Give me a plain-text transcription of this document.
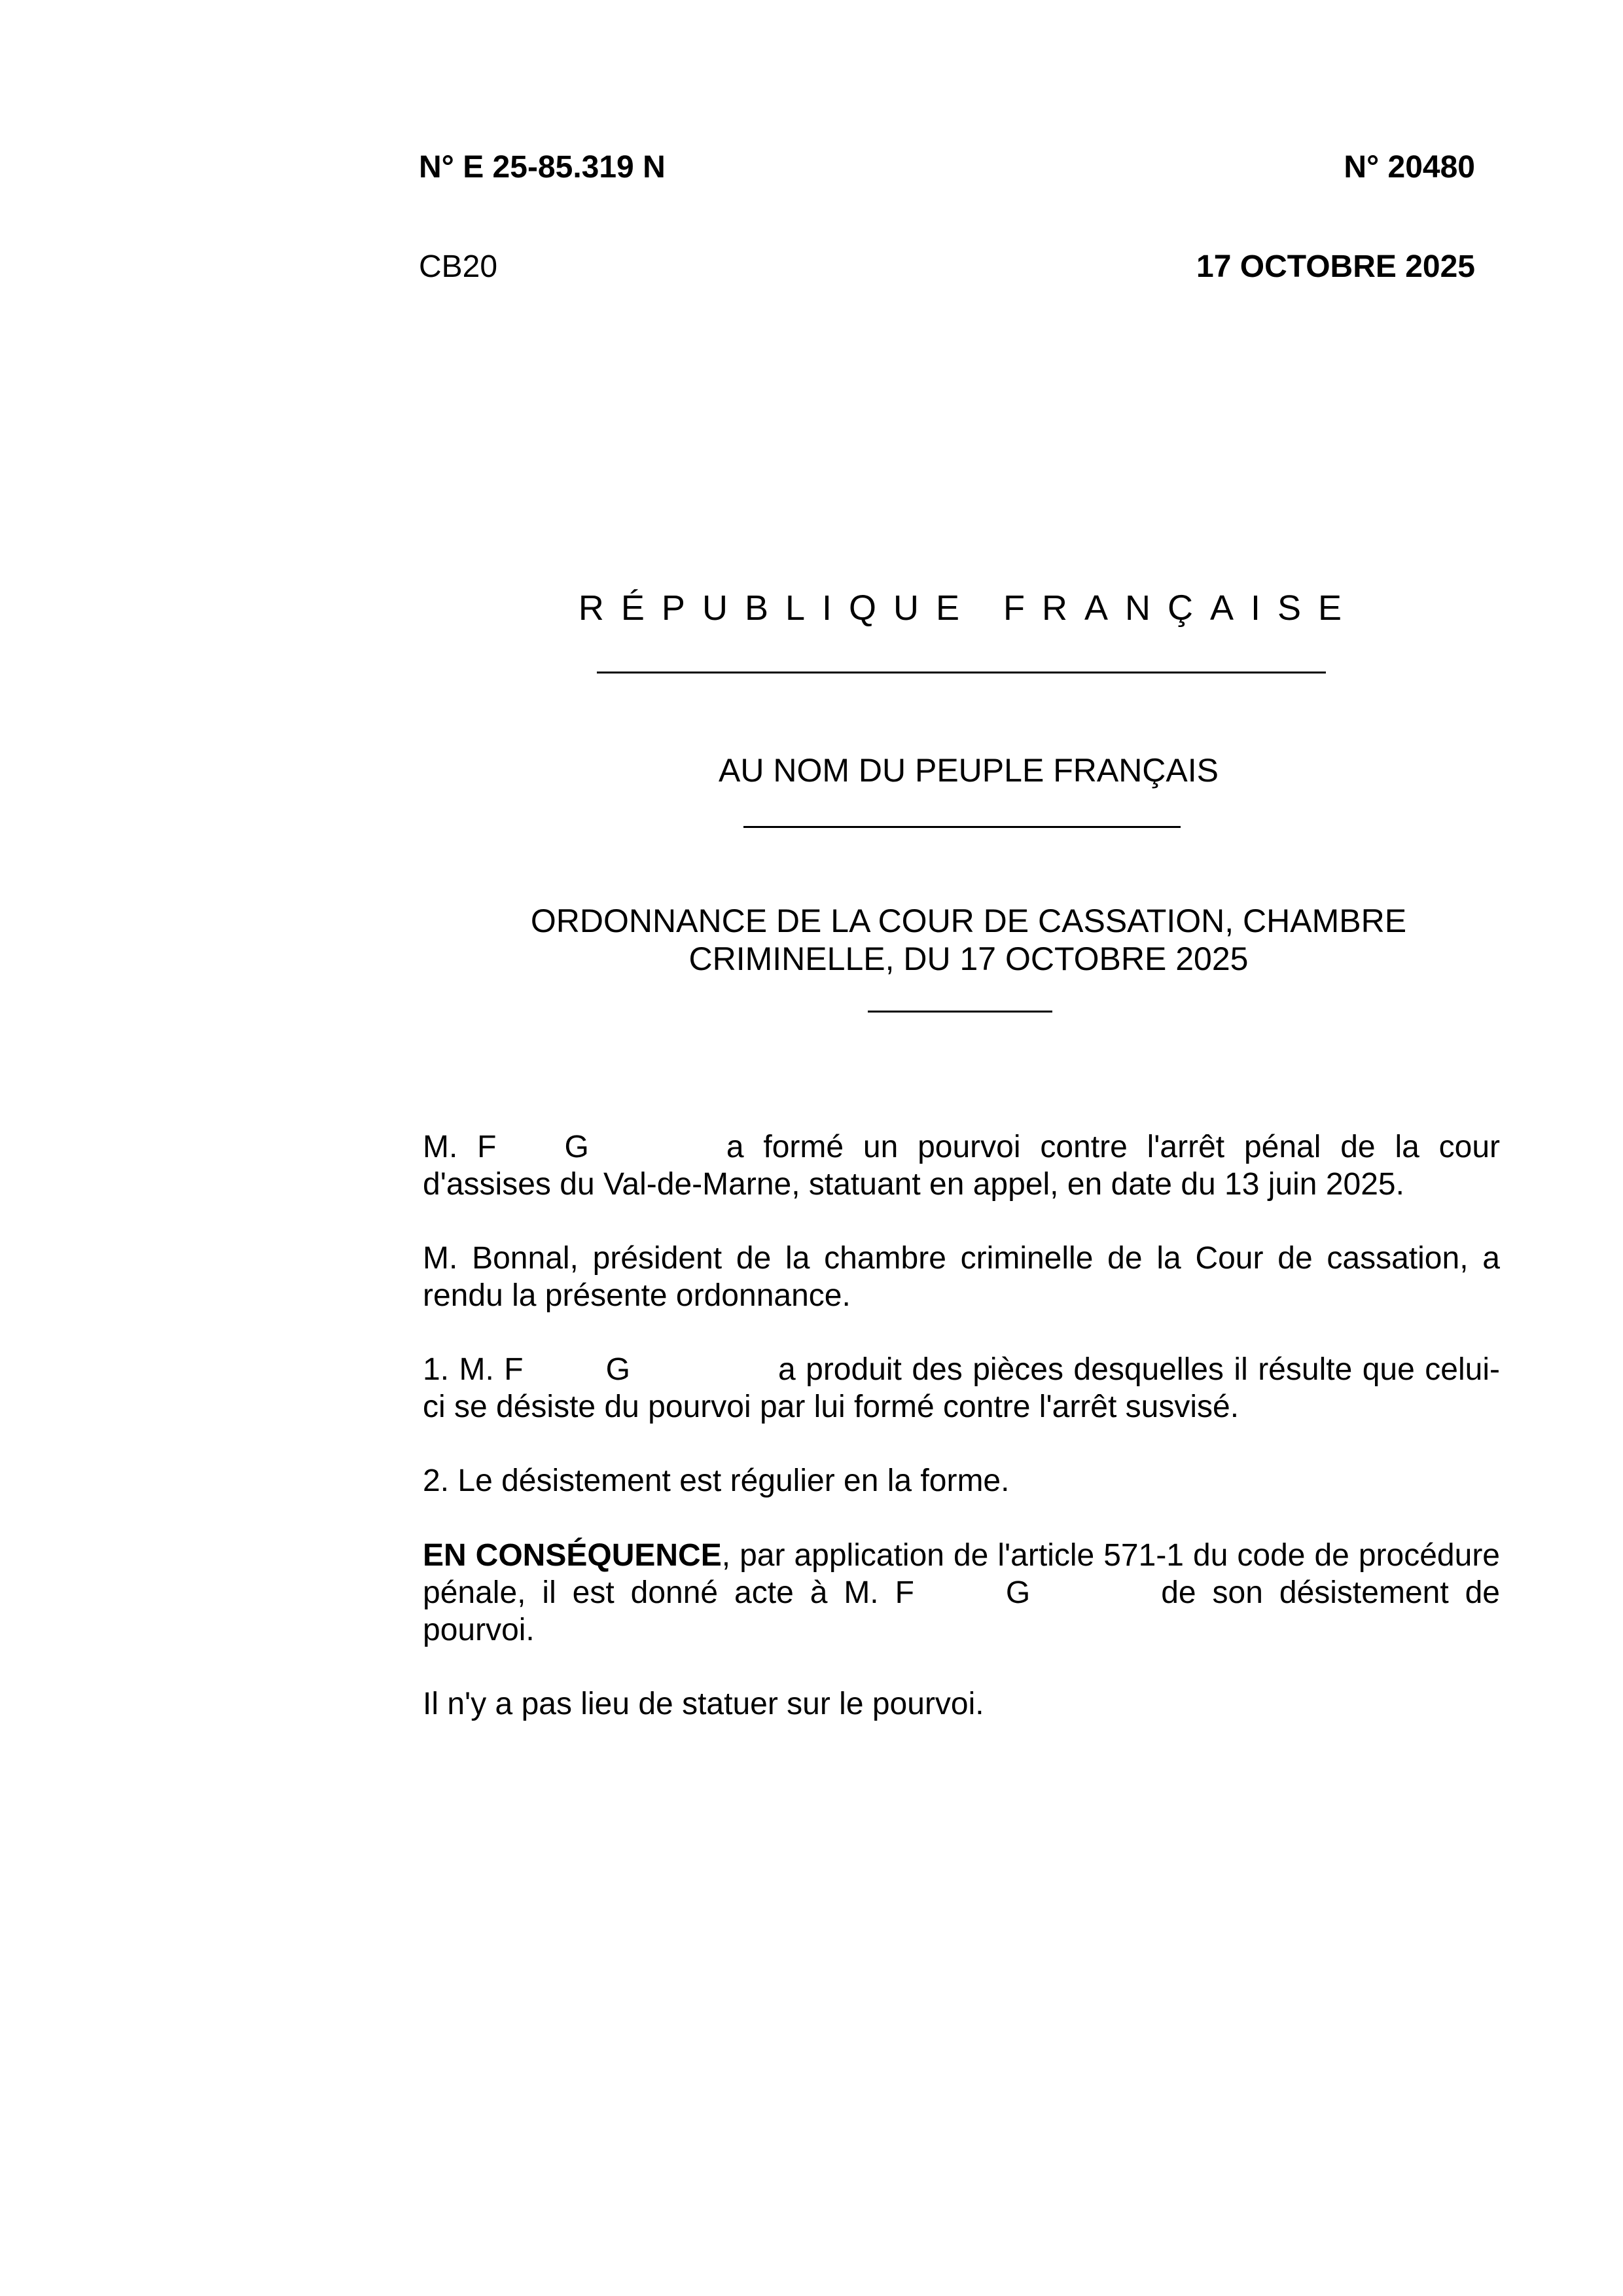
N° E 25-85.319 N	N° 20480
CB20	17 OCTOBRE 2025
RÉPUBLIQUE FRANÇAISE
AU NOM DU PEUPLE FRANÇAIS
ORDONNANCE DE LA COUR DE CASSATION, CHAMBRE
CRIMINELLE, DU 17 OCTOBRE 2025
M. F G	a formé un pourvoi contre l'arrêt pénal de la cour d'assises du Val-de-Marne, statuant en appel, en date du 13 juin 2025.
M. Bonnal, président de la chambre criminelle de la Cour de cassation, a rendu la présente ordonnance.
1. M. F	G	a produit des pièces desquelles il résulte que celui-ci se désiste du pourvoi par lui formé contre l'arrêt susvisé.
2. Le désistement est régulier en la forme.
EN CONSÉQUENCE, par application de l'article 571-1 du code de procédure pénale, il est donné acte à M. F	G	de son désistement de pourvoi.
Il n'y a pas lieu de statuer sur le pourvoi.
